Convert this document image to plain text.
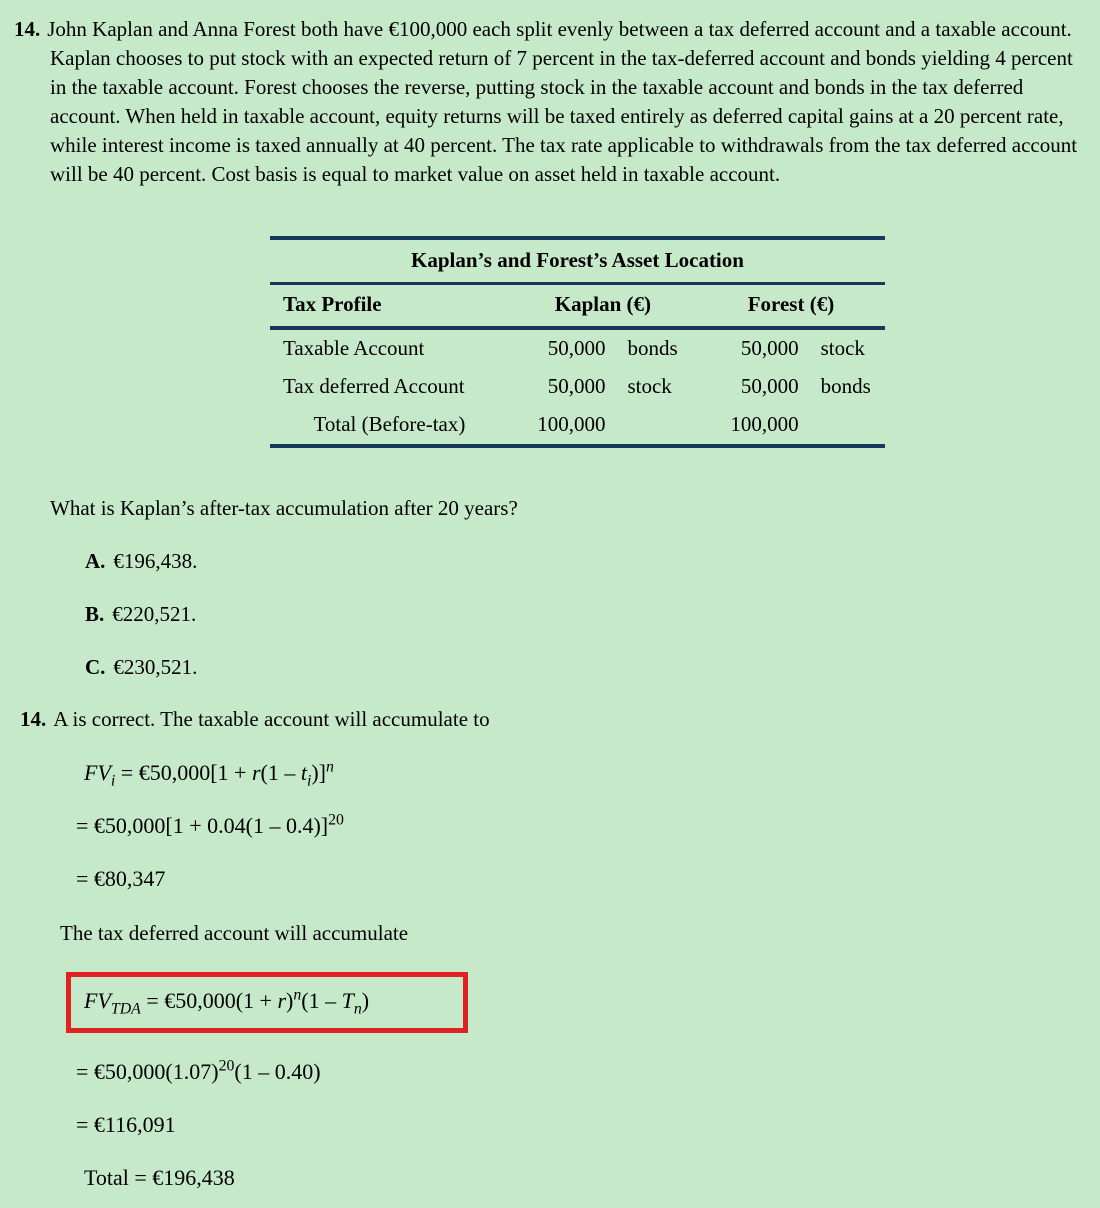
14. John Kaplan and Anna Forest both have €100,000 each split evenly between a tax deferred account and a taxable account. Kaplan chooses to put stock with an expected return of 7 percent in the tax-deferred account and bonds yielding 4 percent in the taxable account. Forest chooses the reverse, putting stock in the taxable account and bonds in the tax deferred account. When held in taxable account, equity returns will be taxed entirely as deferred capital gains at a 20 percent rate, while interest income is taxed annually at 40 percent. The tax rate applicable to withdrawals from the tax deferred account will be 40 percent. Cost basis is equal to market value on asset held in taxable account.

Kaplan’s and Forest’s Asset Location				
Tax Profile	Kaplan (€)		Forest (€)	
Taxable Account	50,000	bonds	50,000	stock
Tax deferred Account	50,000	stock	50,000	bonds
Total (Before-tax)	100,000		100,000	

What is Kaplan’s after-tax accumulation after 20 years?

A. €196,438.

B. €220,521.

C. €230,521.

14. A is correct. The taxable account will accumulate to

$FV_i$ = €50,000[1 + $r(1 - t_i)]^n$

= €50,000[1 + 0.04(1 – 0.4)]$^{20}$

= €80,347

The tax deferred account will accumulate

$FV_{TDA}$ = €50,000(1 + $r)^n(1 - T_n)$

= $€50,000(1.07)^{20}(1 - 0.40)$

= €116,091

Total = €196,438
